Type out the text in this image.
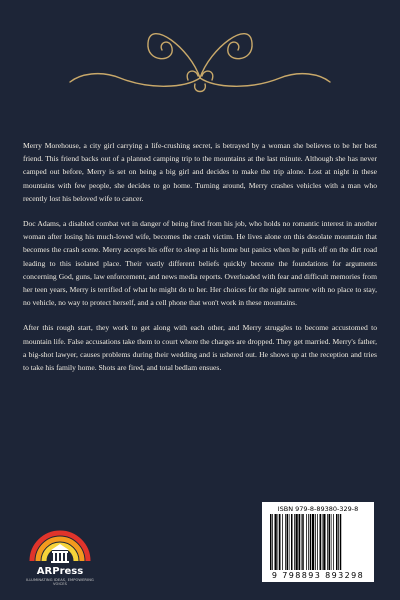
Merry Morehouse, a city girl carrying a life-crushing secret, is betrayed by a woman she believes to be her best friend. This friend backs out of a planned camping trip to the mountains at the last minute. Although she has never camped out before, Merry is set on being a big girl and decides to make the trip alone. Lost at night in these mountains with few people, she decides to go home. Turning around, Merry crashes vehicles with a man who recently lost his beloved wife to cancer.

Doc Adams, a disabled combat vet in danger of being fired from his job, who holds no romantic interest in another woman after losing his much-loved wife, becomes the crash victim. He lives alone on this desolate mountain that becomes the crash scene. Merry accepts his offer to sleep at his home but panics when he pulls off on the dirt road leading to this isolated place. Their vastly different beliefs quickly become the foundations for arguments concerning God, guns, law enforcement, and news media reports. Overloaded with fear and difficult memories from her teen years, Merry is terrified of what he might do to her. Her choices for the night narrow with no place to stay, no vehicle, no way to protect herself, and a cell phone that won't work in these mountains.

After this rough start, they work to get along with each other, and Merry struggles to become accustomed to mountain life. False accusations take them to court where the charges are dropped. They get married. Merry's father, a big-shot lawyer, causes problems during their wedding and is ushered out. He shows up at the reception and tries to take his family home. Shots are fired, and total bedlam ensues.

ARPress
ILLUMINATING IDEAS, EMPOWERING VOICES
ISBN 979-8-89380-329-8
9 798893 893298
